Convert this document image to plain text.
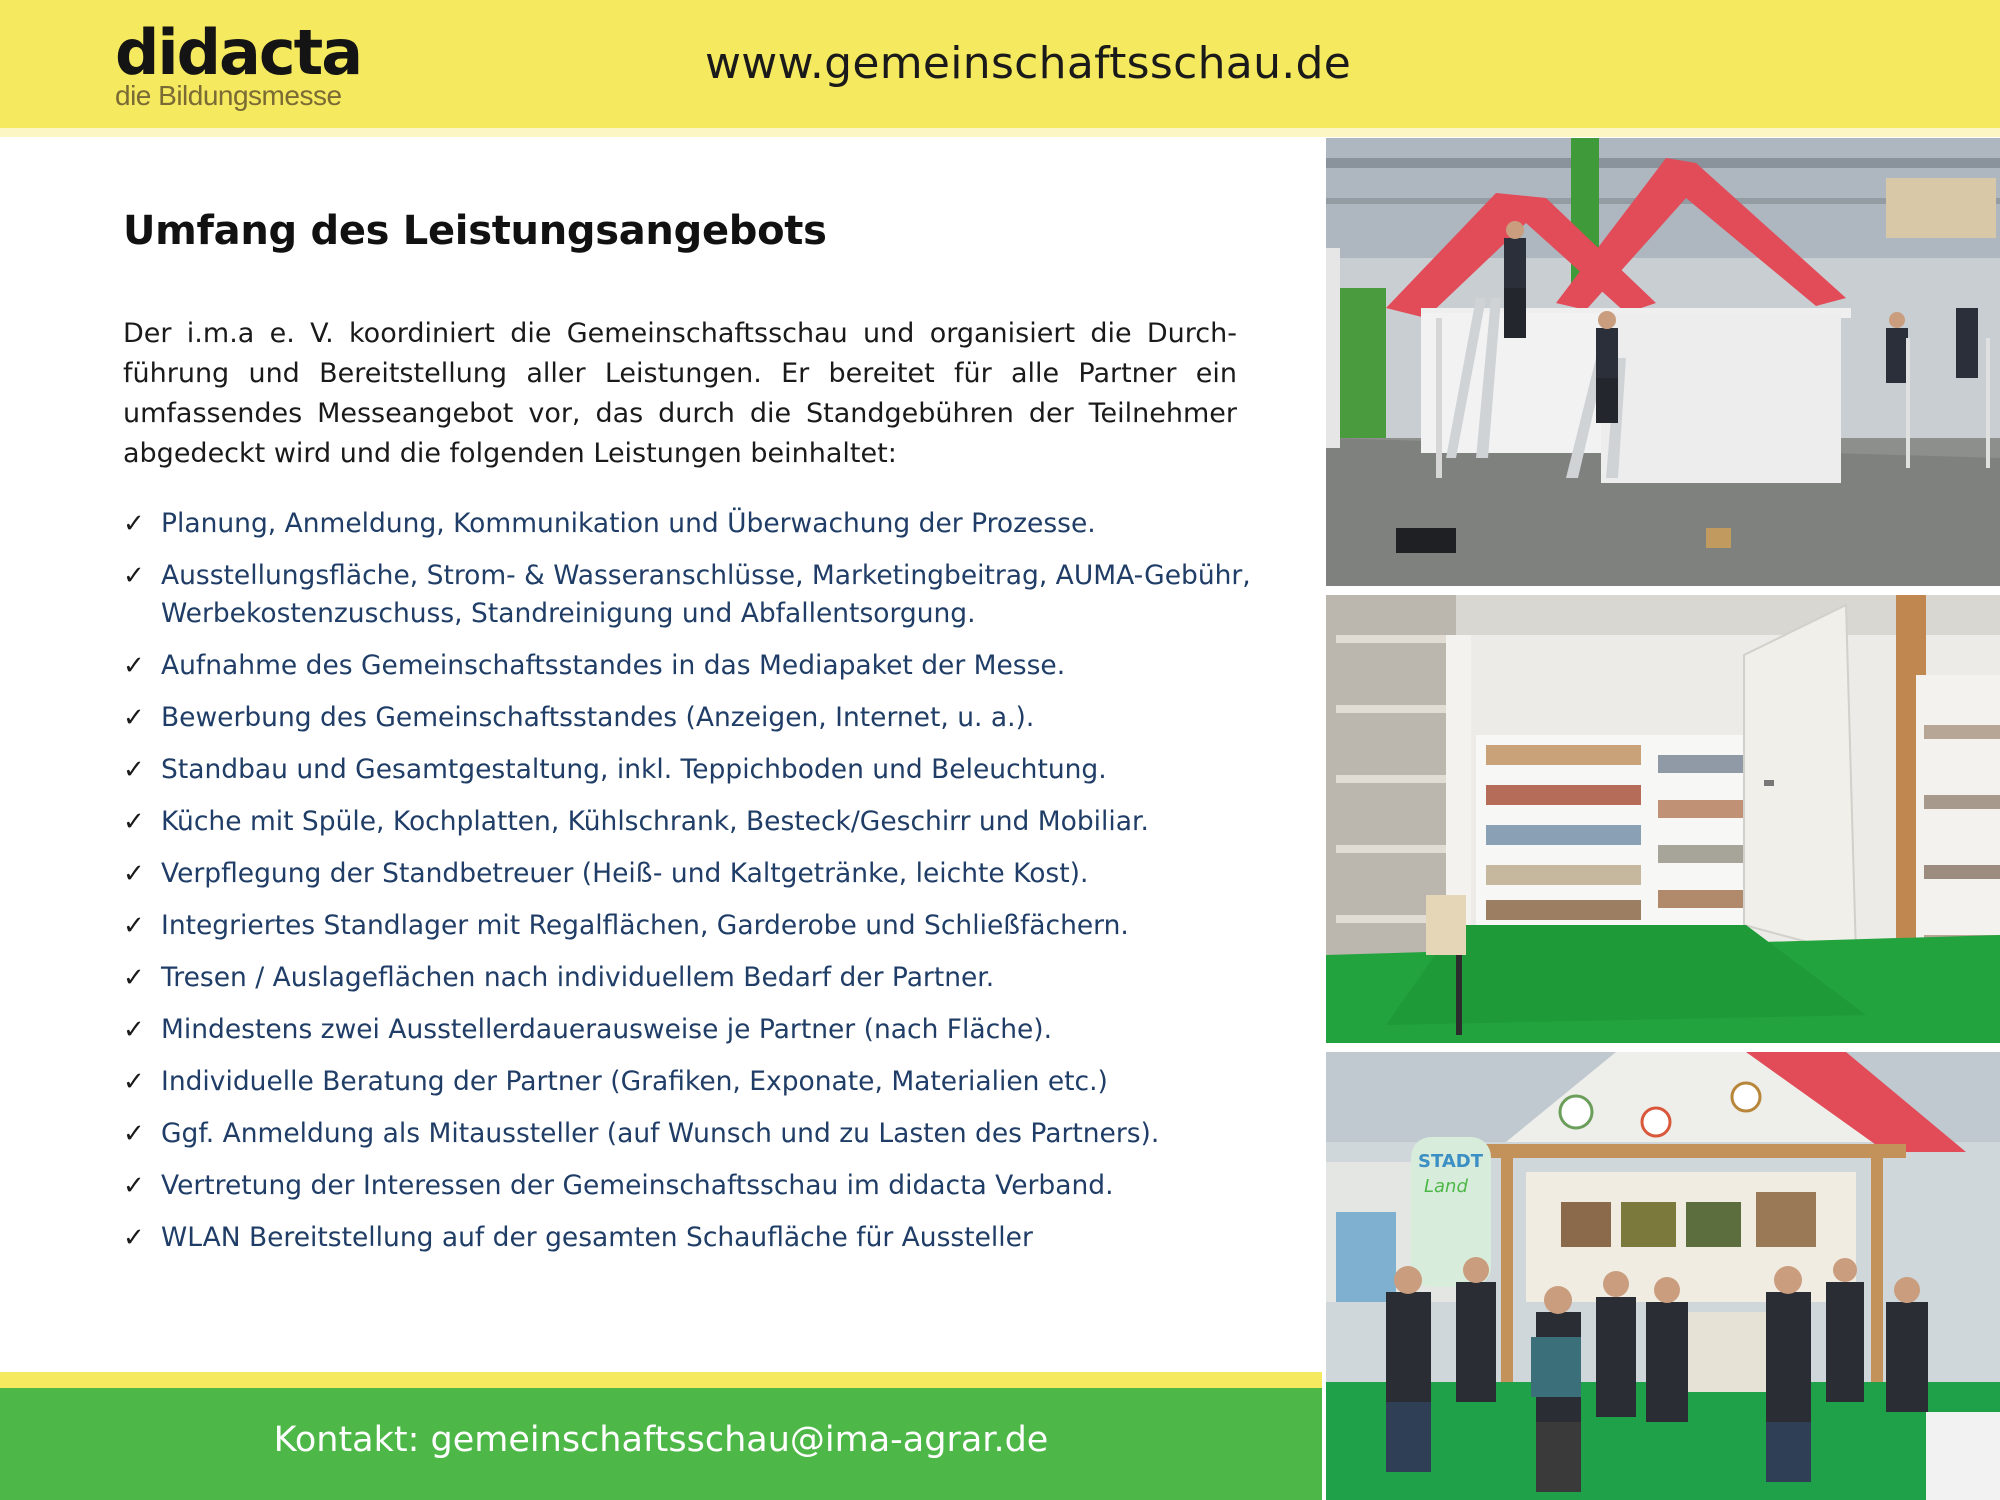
didacta
die Bildungsmesse
www.gemeinschaftsschau.de
Umfang des Leistungsangebots

Der i.m.a e. V. koordiniert die Gemeinschaftsschau und organisiert die Durch-führung und Bereitstellung aller Leistungen. Er bereitet für alle Partner ein umfassendes Messeangebot vor, das durch die Standgebühren der Teilnehmer abgedeckt wird und die folgenden Leistungen beinhaltet:

✓ Planung, Anmeldung, Kommunikation und Überwachung der Prozesse.
✓ Ausstellungsfläche, Strom- & Wasseranschlüsse, Marketingbeitrag, AUMA-Gebühr, Werbekostenzuschuss, Standreinigung und Abfallentsorgung.
✓ Aufnahme des Gemeinschaftsstandes in das Mediapaket der Messe.
✓ Bewerbung des Gemeinschaftsstandes (Anzeigen, Internet, u. a.).
✓ Standbau und Gesamtgestaltung, inkl. Teppichboden und Beleuchtung.
✓ Küche mit Spüle, Kochplatten, Kühlschrank, Besteck/Geschirr und Mobiliar.
✓ Verpflegung der Standbetreuer (Heiß- und Kaltgetränke, leichte Kost).
✓ Integriertes Standlager mit Regalflächen, Garderobe und Schließfächern.
✓ Tresen / Auslageflächen nach individuellem Bedarf der Partner.
✓ Mindestens zwei Ausstellerdauerausweise je Partner (nach Fläche).
✓ Individuelle Beratung der Partner (Grafiken, Exponate, Materialien etc.)
✓ Ggf. Anmeldung als Mitaussteller (auf Wunsch und zu Lasten des Partners).
✓ Vertretung der Interessen der Gemeinschaftsschau im didacta Verband.
✓ WLAN Bereitstellung auf der gesamten Schaufläche für Aussteller
Kontakt: gemeinschaftsschau@ima-agrar.de
STADT
Land
